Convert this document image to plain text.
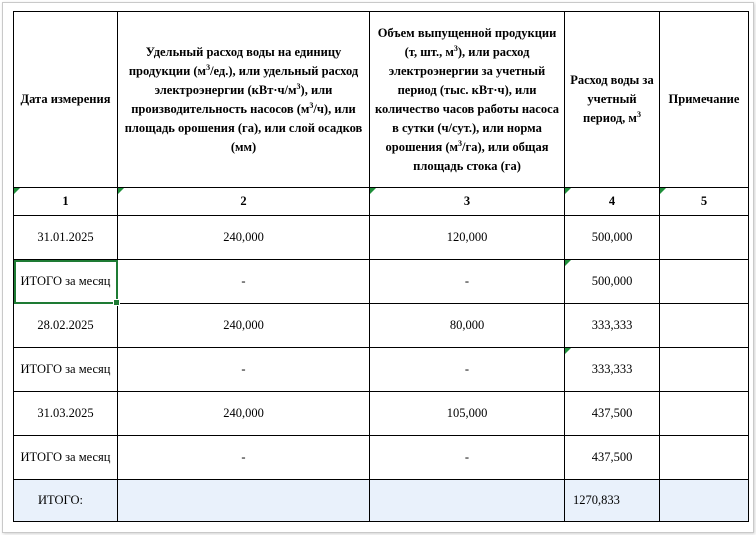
Дата измерения	Удельный расход воды на единицу продукции $(м^3/ед.)$, или удельный расход электроэнергии $(кВт\cdot ч/м^3)$, или производительность насосов $(м^3/ч)$, или площадь орошения (га), или слой осадков (мм)	Объем выпущенной продукции (т, шт., $м^3$), или расход электроэнергии за учетный период (тыс. кВт·ч), или количество часов работы насоса в сутки (ч/сут.), или норма орошения $(м^3/га)$, или общая площадь стока (га)	Расход воды за учетный период, $м^3$	Примечание
1	2	3	4	5
31.01.2025	240,000	120,000	500,000	
ИТОГО за месяц	-	-	500,000	
28.02.2025	240,000	80,000	333,333	
ИТОГО за месяц	-	-	333,333	
31.03.2025	240,000	105,000	437,500	
ИТОГО за месяц	-	-	437,500	
ИТОГО:			1270,833	
